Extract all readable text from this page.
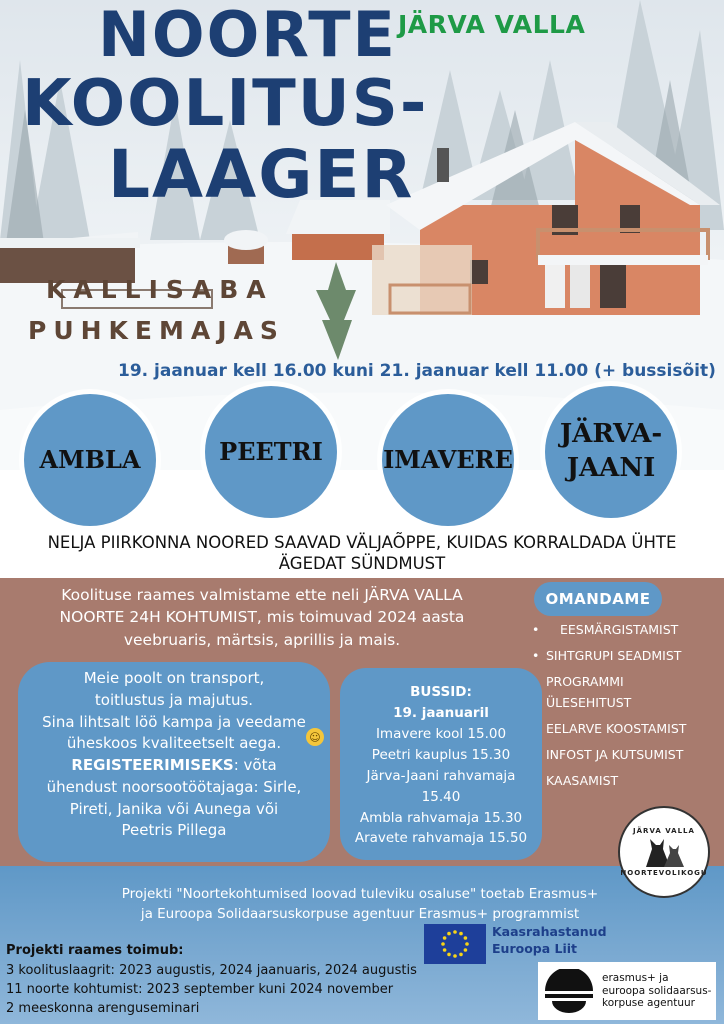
NOORTE
KOOLITUS-
LAAGER
JÄRVA VALLA
KALLISABA
PUHKEMAJAS
19. jaanuar kell 16.00 kuni 21. jaanuar kell 11.00 (+ bussisõit)
AMBLA	PEETRI	IMAVERE
JÄRVA-
JAANI
NELJA PIIRKONNA NOORED SAAVAD VÄLJAÕPPE, KUIDAS KORRALDADA ÜHTE
ÄGEDAT SÜNDMUST
Koolituse raames valmistame ette neli JÄRVA VALLA
NOORTE 24H KOHTUMIST, mis toimuvad 2024 aasta
veebruaris, märtsis, aprillis ja mais.
OMANDAME
• EESMÄRGISTAMIST
• SIHTGRUPI SEADMIST
• PROGRAMMI
ÜLESEHITUST
• EELARVE KOOSTAMIST
• INFOST JA KUTSUMIST
• KAASAMIST
Meie poolt on transport,
toitlustus ja majutus.
Sina lihtsalt löö kampa ja veedame
üheskoos kvaliteetselt aega.
REGISTEERIMISEKS: võta
ühendust noorsootöötajaga: Sirle,
Pireti, Janika või Aunega või
Peetris Pillega
☺
BUSSID:
19. jaanuaril
Imavere kool 15.00
Peetri kauplus 15.30
Järva-Jaani rahvamaja
15.40
Ambla rahvamaja 15.30
Aravete rahvamaja 15.50	JÄRVA VALLA
NOORTEVOLIKOGU
Projekti "Noortekohtumised loovad tuleviku osaluse" toetab Erasmus+
ja Euroopa Solidaarsuskorpuse agentuur Erasmus+ programmist
Kaasrahastanud
Euroopa Liit
Projekti raames toimub:
3 koolituslaagrit: 2023 augustis, 2024 jaanuaris, 2024 augustis
11 noorte kohtumist: 2023 september kuni 2024 november
2 meeskonna arenguseminari
erasmus+ ja
euroopa solidaarsus-
korpuse agentuur
